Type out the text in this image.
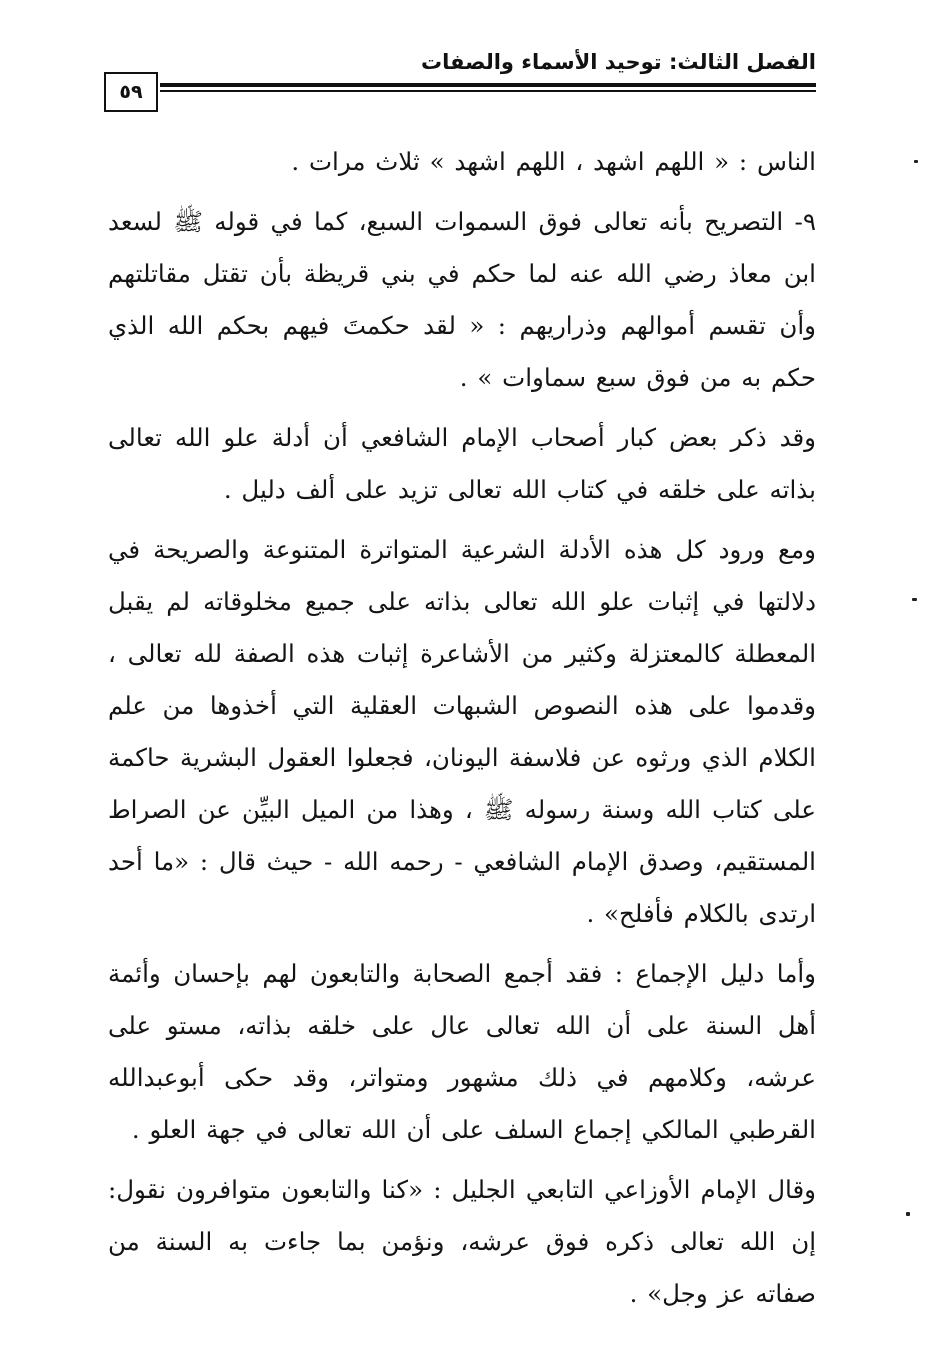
الفصل الثالث: توحيد الأسماء والصفات
٥٩

الناس : « اللهم اشهد ، اللهم اشهد » ثلاث مرات .

٩- التصريح بأنه تعالى فوق السموات السبع، كما في قوله ﷺ لسعد ابن معاذ رضي الله عنه لما حكم في بني قريظة بأن تقتل مقاتلتهم وأن تقسم أموالهم وذراريهم : « لقد حكمتَ فيهم بحكم الله الذي حكم به من فوق سبع سماوات » .

وقد ذكر بعض كبار أصحاب الإمام الشافعي أن أدلة علو الله تعالى بذاته على خلقه في كتاب الله تعالى تزيد على ألف دليل .

ومع ورود كل هذه الأدلة الشرعية المتواترة المتنوعة والصريحة في دلالتها في إثبات علو الله تعالى بذاته على جميع مخلوقاته لم يقبل المعطلة كالمعتزلة وكثير من الأشاعرة إثبات هذه الصفة لله تعالى ، وقدموا على هذه النصوص الشبهات العقلية التي أخذوها من علم الكلام الذي ورثوه عن فلاسفة اليونان، فجعلوا العقول البشرية حاكمة على كتاب الله وسنة رسوله ﷺ ، وهذا من الميل البيِّن عن الصراط المستقيم، وصدق الإمام الشافعي - رحمه الله - حيث قال : «ما أحد ارتدى بالكلام فأفلح» .

وأما دليل الإجماع : فقد أجمع الصحابة والتابعون لهم بإحسان وأئمة أهل السنة على أن الله تعالى عال على خلقه بذاته، مستو على عرشه، وكلامهم في ذلك مشهور ومتواتر، وقد حكى أبوعبدالله القرطبي المالكي إجماع السلف على أن الله تعالى في جهة العلو .

وقال الإمام الأوزاعي التابعي الجليل : «كنا والتابعون متوافرون نقول: إن الله تعالى ذكره فوق عرشه، ونؤمن بما جاءت به السنة من صفاته عز وجل» .
